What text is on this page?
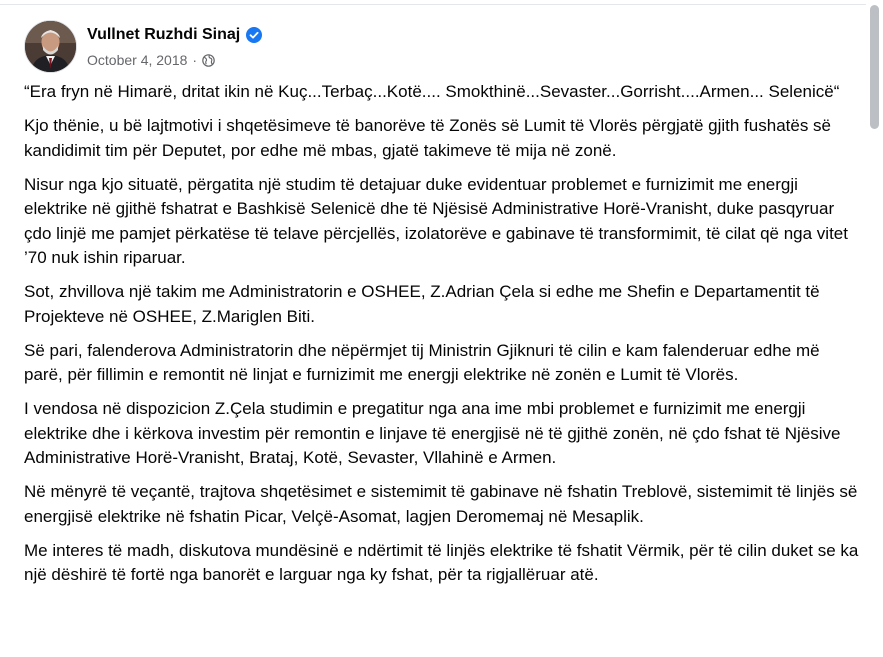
Vullnet Ruzhdi Sinaj
October 4, 2018 ·

“Era fryn në Himarë, dritat ikin në Kuç...Terbaç...Kotë.... Smokthinë...Sevaster...Gorrisht....Armen... Selenicë“

Kjo thënie, u bë lajtmotivi i shqetësimeve të banorëve të Zonës së Lumit të Vlorës përgjatë gjith fushatës së kandidimit tim për Deputet, por edhe më mbas, gjatë takimeve të mija në zonë.

Nisur nga kjo situatë, përgatita një studim të detajuar duke evidentuar problemet e furnizimit me energji elektrike në gjithë fshatrat e Bashkisë Selenicë dhe të Njësisë Administrative Horë-Vranisht, duke pasqyruar çdo linjë me pamjet përkatëse të telave përcjellës, izolatorëve e gabinave të transformimit, të cilat që nga vitet ’70 nuk ishin riparuar.

Sot, zhvillova një takim me Administratorin e OSHEE, Z.Adrian Çela si edhe me Shefin e Departamentit të Projekteve në OSHEE, Z.Mariglen Biti.

Së pari, falenderova Administratorin dhe nëpërmjet tij Ministrin Gjiknuri të cilin e kam falenderuar edhe më parë, për fillimin e remontit në linjat e furnizimit me energji elektrike në zonën e Lumit të Vlorës.

I vendosa në dispozicion Z.Çela studimin e pregatitur nga ana ime mbi problemet e furnizimit me energji elektrike dhe i kërkova investim për remontin e linjave të energjisë në të gjithë zonën, në çdo fshat të Njësive Administrative Horë-Vranisht, Brataj, Kotë, Sevaster, Vllahinë e Armen.

Në mënyrë të veçantë, trajtova shqetësimet e sistemimit të gabinave në fshatin Treblovë, sistemimit të linjës së energjisë elektrike në fshatin Picar, Velçë-Asomat, lagjen Deromemaj në Mesaplik.

Me interes të madh, diskutova mundësinë e ndërtimit të linjës elektrike të fshatit Vërmik, për të cilin duket se ka një dëshirë të fortë nga banorët e larguar nga ky fshat, për ta rigjallëruar atë.
